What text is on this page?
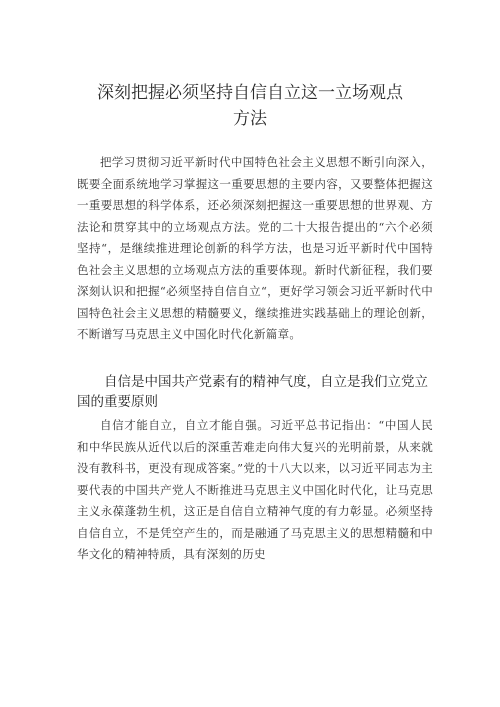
深刻把握必须坚持自信自立这一立场观点
方法
把学习贯彻习近平新时代中国特色社会主义思想不断引向深入，既要全面系统地学习掌握这一重要思想的主要内容，又要整体把握这一重要思想的科学体系，还必须深刻把握这一重要思想的世界观、方法论和贯穿其中的立场观点方法。党的二十大报告提出的“六个必须坚持“，是继续推进理论创新的科学方法，也是习近平新时代中国特色社会主义思想的立场观点方法的重要体现。新时代新征程，我们要深刻认识和把握“必须坚持自信自立“，更好学习领会习近平新时代中国特色社会主义思想的精髓要义，继续推进实践基础上的理论创新，不断谱写马克思主义中国化时代化新篇章。
自信是中国共产党素有的精神气度，自立是我们立党立国的重要原则
自信才能自立，自立才能自强。习近平总书记指出：“中国人民和中华民族从近代以后的深重苦难走向伟大复兴的光明前景，从来就没有教科书，更没有现成答案。”党的十八大以来，以习近平同志为主要代表的中国共产党人不断推进马克思主义中国化时代化，让马克思主义永葆蓬勃生机，这正是自信自立精神气度的有力彰显。必须坚持自信自立，不是凭空产生的，而是融通了马克思主义的思想精髓和中华文化的精神特质，具有深刻的历史
